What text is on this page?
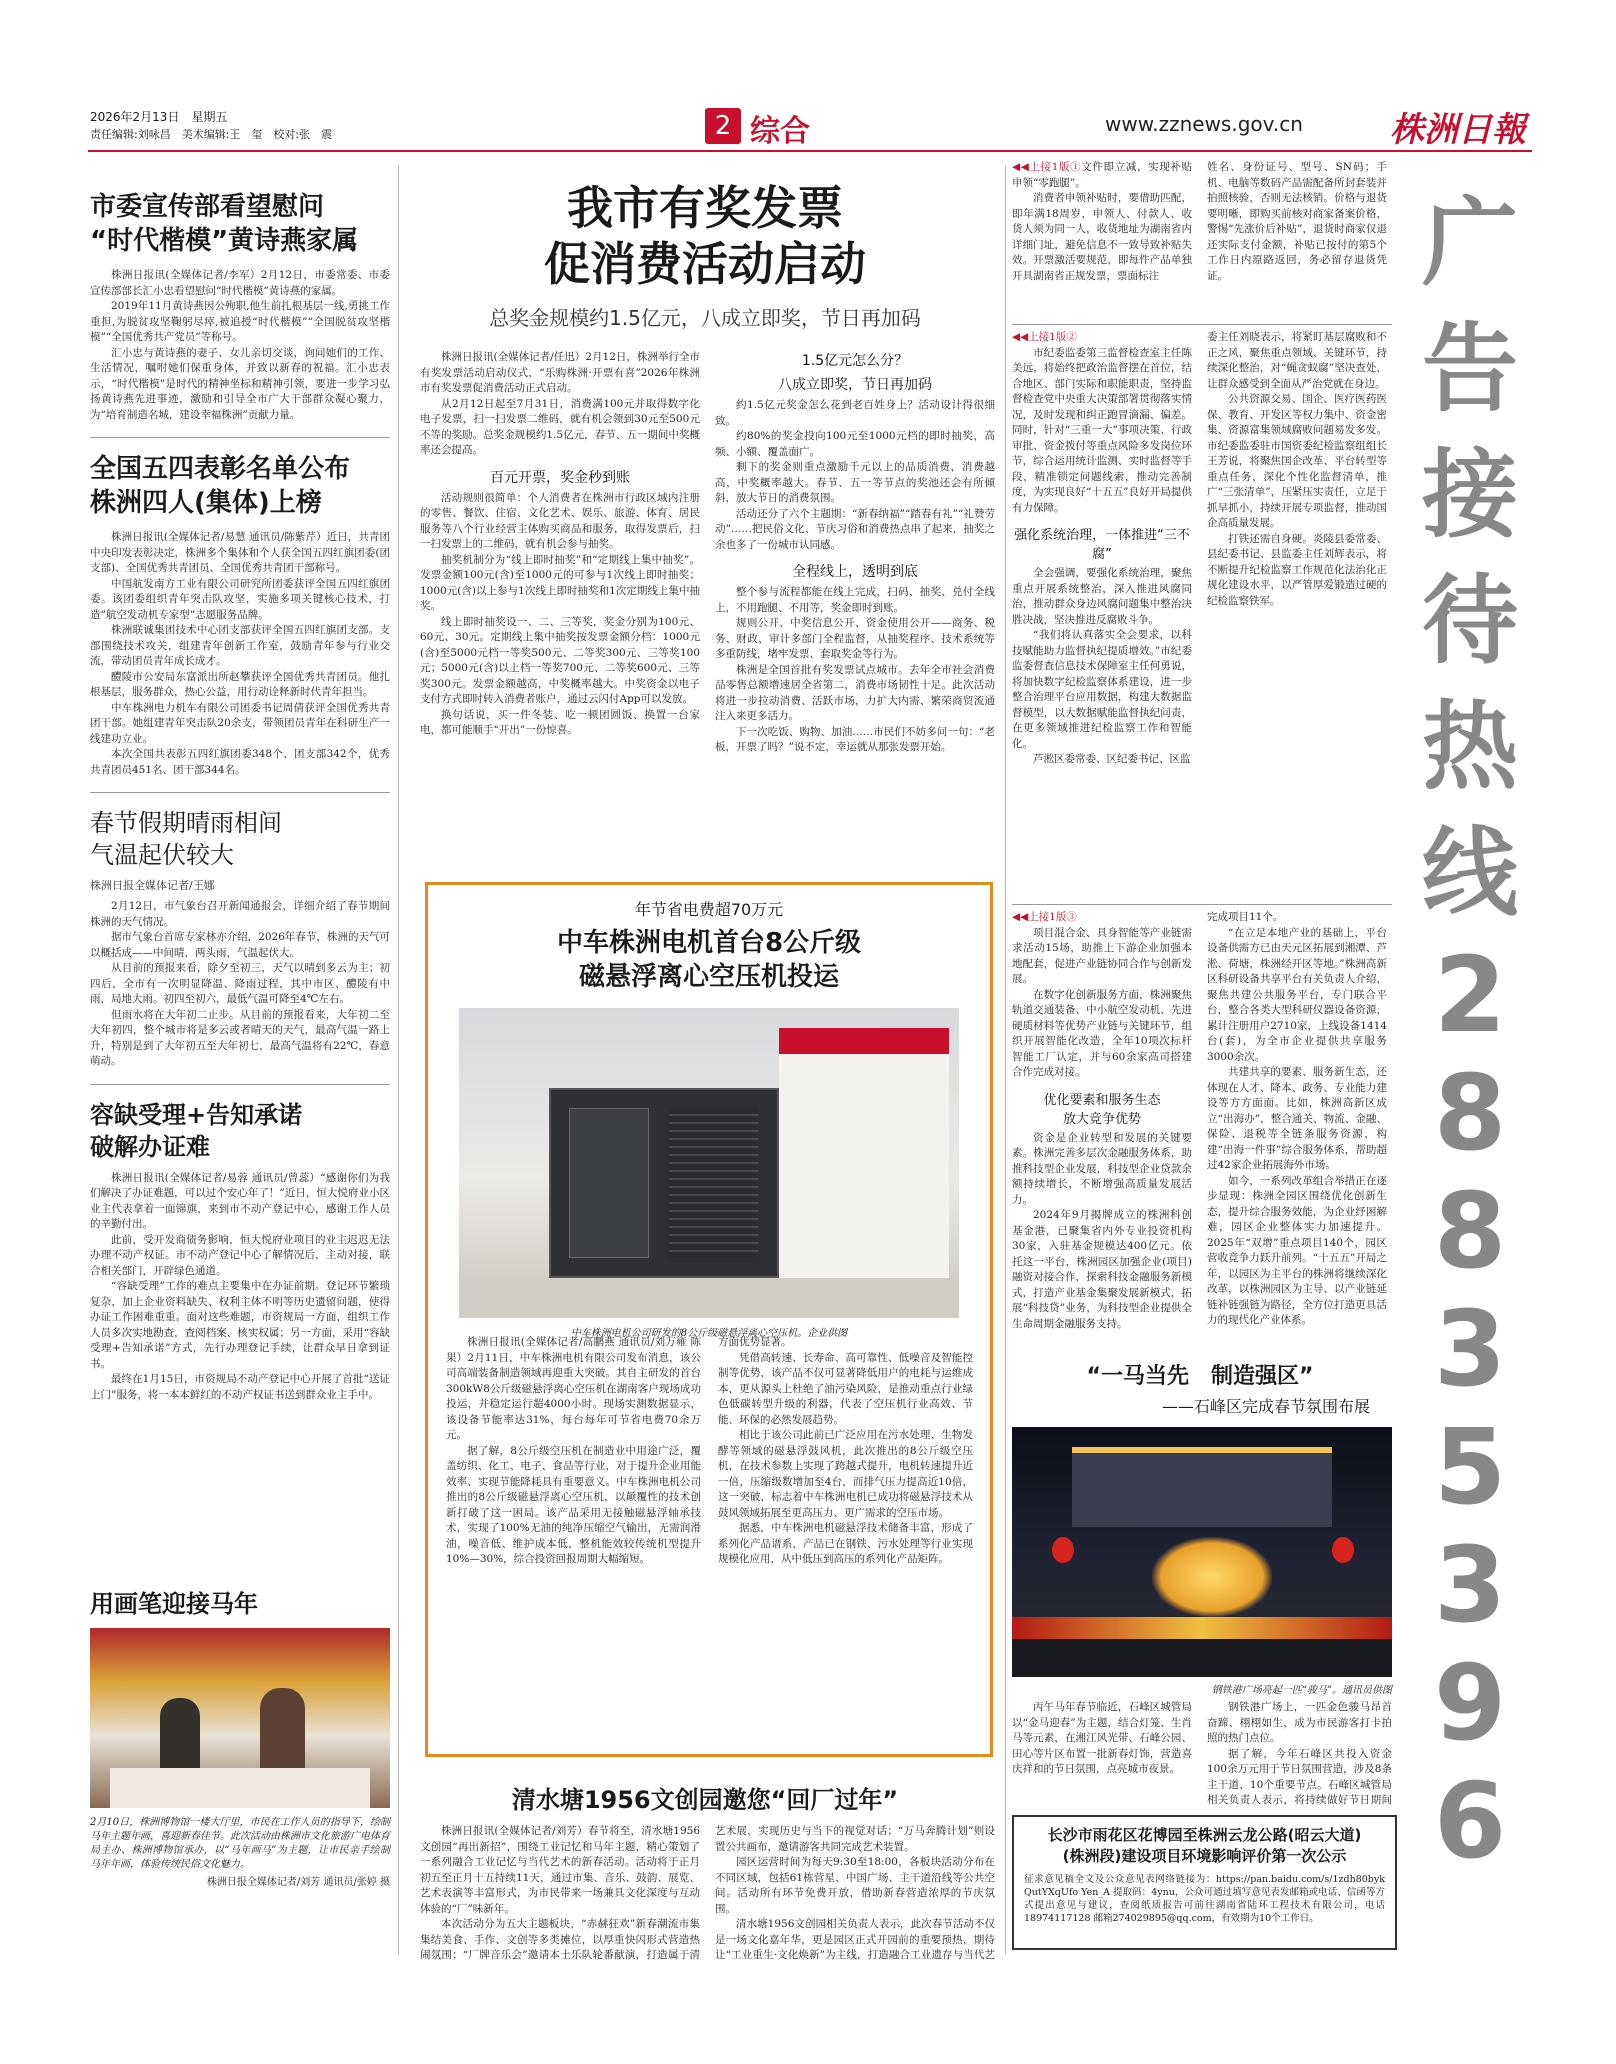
2026年2月13日　星期五
责任编辑:刘咏昌　美术编辑:王　玺　校对:张　震	2 综合	www.zznews.gov.cn	株洲日報
市委宣传部看望慰问
“时代楷模”黄诗燕家属

株洲日报讯(全媒体记者/李军）2月12日，市委常委、市委宣传部部长汇小忠看望慰问“时代楷模”黄诗燕的家属。

2019年11月黄诗燕因公殉职,他生前扎根基层一线,勇挑工作重担,为脱贫攻坚鞠躬尽瘁,被追授“时代楷模”“全国脱贫攻坚楷模”“全国优秀共产党员”等称号。

汇小忠与黄诗燕的妻子、女儿亲切交谈，询问她们的工作、生活情况，嘱咐她们保重身体，并致以新春的祝福。汇小忠表示，“时代楷模”是时代的精神坐标和精神引领，要进一步学习弘扬黄诗燕先进事迹，激励和引导全市广大干部群众凝心聚力，为“培育制造名城，建设幸福株洲”贡献力量。

全国五四表彰名单公布
株洲四人(集体)上榜

株洲日报讯(全媒体记者/易慧 通讯员/陈紫芹）近日，共青团中央印发表彰决定，株洲多个集体和个人获全国五四红旗团委(团支部)、全国优秀共青团员、全国优秀共青团干部称号。

中国航发南方工业有限公司研究所团委获评全国五四红旗团委。该团委组织青年突击队攻坚，实施多项关键核心技术，打造“航空发动机专家型”志愿服务品牌。

株洲联诚集团技术中心团支部获评全国五四红旗团支部。支部围绕技术攻关，组建青年创新工作室，鼓励青年参与行业交流，带动团员青年成长成才。

醴陵市公安局东富派出所赵攀获评全国优秀共青团员。他扎根基层，服务群众，热心公益，用行动诠释新时代青年担当。

中车株洲电力机车有限公司团委书记周倩获评全国优秀共青团干部。她组建青年突击队20余支，带领团员青年在科研生产一线建功立业。

本次全国共表彰五四红旗团委348个、团支部342个，优秀共青团员451名、团干部344名。

春节假期晴雨相间
气温起伏较大
株洲日报全媒体记者/王娜

2月12日，市气象台召开新闻通报会，详细介绍了春节期间株洲的天气情况。

据市气象台首席专家林亦介绍，2026年春节，株洲的天气可以概括成——中间晴，两头雨，气温起伏大。

从目前的预报来看，除夕至初三，天气以晴到多云为主；初四后，全市有一次明显降温、降雨过程，其中市区、醴陵有中雨，局地大雨。初四至初六，最低气温可降至4℃左右。

但雨水将在大年初二止步。从目前的预报看来，大年初二至大年初四，整个城市将是多云或者晴天的天气，最高气温一路上升，特别是到了大年初五至大年初七，最高气温将有22℃，春意萌动。

容缺受理+告知承诺
破解办证难

株洲日报讯(全媒体记者/易蓉 通讯员/曾蕊）“感谢你们为我们解决了办证难题，可以过个安心年了！”近日，恒大悦府业小区业主代表拿着一面锦旗，来到市不动产登记中心，感谢工作人员的辛勤付出。

此前，受开发商债务影响，恒大悦府业项目的业主迟迟无法办理不动产权证。市不动产登记中心了解情况后，主动对接，联合相关部门，开辟绿色通道。

“容缺受理”工作的难点主要集中在办证前期。登记环节繁琐复杂，加上企业资料缺失、权利主体不明等历史遗留问题，使得办证工作困难重重。面对这些难题，市资规局一方面，组织工作人员多次实地勘查，查阅档案、核实权属；另一方面，采用“容缺受理+告知承诺”方式，先行办理登记手续，让群众早日拿到证书。

最终在1月15日，市资规局不动产登记中心开展了首批“送证上门”服务，将一本本鲜红的不动产权证书送到群众业主手中。

用画笔迎接马年
2月10日，株洲博物馆一楼大厅里，市民在工作人员的指导下，绘制马年主题年画，喜迎新春佳节。此次活动由株洲市文化旅游广电体育局主办、株洲博物馆承办，以“马年画马”为主题，让市民亲手绘制马年年画，体验传统民俗文化魅力。
株洲日报全媒体记者/刘芳 通讯员/张婷 摄
我市有奖发票
促消费活动启动
总奖金规模约1.5亿元，八成立即奖，节日再加码

株洲日报讯(全媒体记者/任迅）2月12日，株洲举行全市有奖发票活动启动仪式，“乐购株洲·开票有喜”2026年株洲市有奖发票促消费活动正式启动。

从2月12日起至7月31日，消费满100元并取得数字化电子发票，扫一扫发票二维码，就有机会领到30元至500元不等的奖励。总奖金规模约1.5亿元，春节、五一期间中奖概率还会提高。

百元开票，奖金秒到账

活动规则很简单：个人消费者在株洲市行政区域内注册的零售、餐饮、住宿、文化艺术、娱乐、旅游、体育、居民服务等八个行业经营主体购买商品和服务，取得发票后，扫一扫发票上的二维码，就有机会参与抽奖。

抽奖机制分为“线上即时抽奖”和“定期线上集中抽奖”。发票金额100元(含)至1000元的可参与1次线上即时抽奖；1000元(含)以上参与1次线上即时抽奖和1次定期线上集中抽奖。

线上即时抽奖设一、二、三等奖，奖金分别为100元、60元、30元。定期线上集中抽奖按发票金额分档：1000元(含)至5000元档一等奖500元、二等奖300元、三等奖100元；5000元(含)以上档一等奖700元、二等奖600元、三等奖300元。发票金额越高，中奖概率越大。中奖资金以电子支付方式即时转入消费者账户，通过云闪付App可以发放。

换句话说，买一件冬装、吃一顿团圆饭、换置一台家电，都可能顺手“开出”一份惊喜。

1.5亿元怎么分？
八成立即奖，节日再加码

约1.5亿元奖金怎么花到老百姓身上？活动设计得很细致。

约80%的奖金投向100元至1000元档的即时抽奖，高频、小额、覆盖面广。

剩下的奖金则重点激励千元以上的品质消费，消费越高，中奖概率越大。春节、五一等节点的奖池还会有所倾斜，放大节日的消费氛围。

活动还分了六个主题期：“新春纳福”“踏春有礼”“礼赞劳动”……把民俗文化、节庆习俗和消费热点串了起来，抽奖之余也多了一份城市认同感。

全程线上，透明到底

整个参与流程都能在线上完成，扫码、抽奖、兑付全线上，不用跑腿、不用等，奖金即时到账。

规则公开、中奖信息公开、资金使用公开——商务、税务、财政、审计多部门全程监督，从抽奖程序、技术系统等多重防线，堵牢发票、套取奖金等行为。

株洲是全国首批有奖发票试点城市。去年全市社会消费品零售总额增速居全省第二，消费市场韧性十足。此次活动将进一步拉动消费、活跃市场，力扩大内需、繁荣商贸流通注入来更多活力。

下一次吃饭、购物、加油……市民们不妨多问一句：“老板，开票了吗？”说不定，幸运就从那张发票开始。

年节省电费超70万元
中车株洲电机首台8公斤级
磁悬浮离心空压机投运
中车株洲电机公司研发的8公斤级磁悬浮离心空压机。企业供图

株洲日报讯(全媒体记者/高鹏燕 通讯员/刘万雍 陈果）2月11日，中车株洲电机有限公司发布消息，该公司高端装备制造领域再迎重大突破。其自主研发的首台300kW8公斤级磁悬浮离心空压机在湖南客户现场成功投运，并稳定运行超4000小时。现场实测数据显示，该设备节能率达31%，每台每年可节省电费70余万元。

据了解，8公斤级空压机在制造业中用途广泛，覆盖纺织、化工、电子、食品等行业，对于提升企业用能效率、实现节能降耗具有重要意义。中车株洲电机公司推出的8公斤级磁悬浮离心空压机，以颠覆性的技术创新打破了这一困局。该产品采用无接触磁悬浮轴承技术，实现了100%无油的纯净压缩空气输出，无需润滑油，噪音低、维护成本低，整机能效较传统机型提升10%—30%，综合投资回报周期大幅缩短。

方面优势显著。

凭借高转速、长寿命、高可靠性、低噪音及智能控制等优势，该产品不仅可显著降低用户的电耗与运维成本，更从源头上杜绝了油污染风险，是推动重点行业绿色低碳转型升级的利器，代表了空压机行业高效、节能、环保的必然发展趋势。

相比于该公司此前已广泛应用在污水处理、生物发酵等领域的磁悬浮鼓风机，此次推出的8公斤级空压机，在技术参数上实现了跨越式提升，电机转速提升近一倍，压缩级数增加至4台，而排气压力提高近10倍，这一突破，标志着中车株洲电机已成功将磁悬浮技术从鼓风领域拓展至更高压力、更广需求的空压市场。

据悉，中车株洲电机磁悬浮技术储备丰富，形成了系列化产品谱系，产品已在钢铁、污水处理等行业实现规模化应用，从中低压到高压的系列化产品矩阵。

清水塘1956文创园邀您“回厂过年”

株洲日报讯(全媒体记者/刘芳）春节将至，清水塘1956文创园“再出新招”，围绕工业记忆和马年主题，精心策划了一系列融合工业记忆与当代艺术的新春活动。活动将于正月初五至正月十五持续11天，通过市集、音乐、鼓韵、展览、艺术表演等丰富形式，为市民带来一场兼具文化深度与互动体验的“厂”味新年。

本次活动分为五大主题板块，“赤赫狂欢”新春潮流市集集结美食、手作、文创等多类摊位，以厚重快闪形式营造热闹氛围；“厂牌音乐会”邀请本土乐队轮番献演，打造属于清

艺术展，实现历史与当下的视觉对话；“万马奔腾计划”则设置公共画布，邀请游客共同完成艺术装置。

园区运营时间为每天9:30至18:00，各板块活动分布在不同区域，包括61栋营星、中国广场、主干道沿线等公共空间。活动所有环节免费开放，借助新春营造浓厚的节庆氛围。

清水塘1956文创园相关负责人表示，此次春节活动不仅是一场文化嘉年华，更是园区正式开园前的重要预热，期待让“工业重生·文化焕新”为主线，打造融合工业遗存与当代艺

◀◀上接1版①文件即立减，实现补贴申领“零跑腿”。

消费者申领补贴时，要借助匹配，即年满18周岁，申领人、付款人、收货人须为同一人，收货地址为湖南省内详细门址，避免信息不一致导致补贴失效。开票激活要规范，即每件产品单独开具湖南省正规发票，票面标注

姓名、身份证号、型号、SN码；手机、电脑等数码产品需配备所封套装并拍照核验，否则无法核销。价格与退货要明晰，即购买前核对商家备案价格，警惕“先涨价后补贴”，退货时商家仅退还实际支付金额，补贴已按付的第5个工作日内原路返回，务必留存退货凭证。

◀◀上接1版②

市纪委监委第三监督检查室主任陈美远，将始终把政治监督摆在首位，结合地区、部门实际和职能职责，坚持监督检查党中央重大决策部署贯彻落实情况，及时发现和纠正跑冒滴漏、偏差。同时，针对“三重一大”事项决策、行政审批、资金拨付等重点风险多发岗位环节，综合运用统计监测、实时监督等手段，精准锁定问题线索，推动完善制度，为实现良好“十五五”良好开局提供有力保障。

强化系统治理，一体推进“三不腐”

全会强调，要强化系统治理，聚焦重点开展系统整治，深入推进风腐同治，推动群众身边风腐问题集中整治决胜决战，坚决推进反腐败斗争。

“我们将认真落实全会要求，以科技赋能助力监督执纪提质增效。”市纪委监委督查信息技术保障室主任何勇说，将加快数字纪检监察体系建设，进一步整合治理平台应用数据，构建大数据监督模型，以大数据赋能监督执纪问责，在更多领域推进纪检监察工作和智能化。

芦淞区委常委、区纪委书记、区监

委主任刘晓表示，将紧盯基层腐败和不正之风，聚焦重点领域、关键环节，持续深化整治，对“蝇贪蚁腐”坚决查处，让群众感受到全面从严治党就在身边。

公共资源交易、国企、医疗医药医保、教育、开发区等权力集中、资金密集、资源富集领域腐败问题易发多发。市纪委监委驻市国资委纪检监察组组长王芳说，将聚焦国企改革、平台转型等重点任务，深化个性化监督清单，推广“三张清单”，压紧压实责任，立足于抓早抓小，持续开展专项监督，推动国企高质量发展。

打铁还需自身硬。炎陵县委常委、县纪委书记、县监委主任刘辉表示，将不断提升纪检监察工作规范化法治化正规化建设水平，以严管厚爱锻造过硬的纪检监察铁军。

◀◀上接1版③

项目混合金、具身智能等产业链需求活动15场，助推上下游企业加强本地配套，促进产业链协同合作与创新发展。

在数字化创新服务方面，株洲聚焦轨道交通装备、中小航空发动机、先进硬质材料等优势产业链与关键环节，组织开展智能化改造，全年10项次标杆智能工厂认定，并与60余家高司搭建合作完成对接。

优化要素和服务生态
放大竞争优势

资金是企业转型和发展的关键要素。株洲完善多层次金融服务体系，助推科技型企业发展，科技型企业贷款余额持续增长，不断增强高质量发展活力。

2024年9月揭牌成立的株洲科创基金港，已聚集省内外专业投资机构30家，入驻基金规模达400亿元。依托这一平台，株洲园区加强企业(项目)融资对接合作，探索科技金融服务新模式，打造产业基金集聚发展新模式，拓展“科技贷”业务，为科技型企业提供全生命周期金融服务支持。

完成项目11个。

“在立足本地产业的基础上，平台设备供需方已由天元区拓展到湘潭、芦淞、荷塘，株洲经开区等地。”株洲高新区科研设备共享平台有关负责人介绍，聚焦共建公共服务平台，专门联合平台，整合各类大型科研仪器设备资源，累计注册用户2710家，上线设备1414台(套)，为全市企业提供共享服务3000余次。

共建共享的要素、服务新生态，还体现在人才、降本、政务、专业能力建设等方方面面。比如，株洲高新区成立“出海办”，整合通关、物流、金融、保险、退税等全链条服务资源，构建“出海一件事”综合服务体系，帮助超过42家企业拓展海外市场。

如今，一系列改革组合举措正在逐步显现：株洲全园区围绕优化创新生态，提升综合服务效能，为企业纾困解难，园区企业整体实力加速提升。2025年“双增”重点项目140个，园区营收竞争力跃升前列。“十五五”开局之年，以园区为主平台的株洲将继续深化改革，以株洲园区为主导、以产业链延链补链强链为路径，全方位打造更具活力的现代化产业体系。

“一马当先　制造强区”
——石峰区完成春节氛围布展
钢铁港广场亮起一匹“骏马”。通讯员供图

丙午马年春节临近，石峰区城管局以“金马迎春”为主题，结合灯笼、生肖马等元素，在湘江风光带、石峰公园、田心等片区布置一批新春灯饰，营造喜庆祥和的节日氛围，点亮城市夜景。

钢铁港广场上，一匹金色骏马昂首奋蹄、栩栩如生，成为市民游客打卡拍照的热门点位。

据了解，今年石峰区共投入资金100余万元用于节日氛围营造，涉及8条主干道、10个重要节点。石峰区城管局相关负责人表示，将持续做好节日期间

长沙市雨花区花博园至株洲云龙公路(昭云大道)
(株洲段)建设项目环境影响评价第一次公示
征求意见稿全文及公众意见表网络链接为：https://pan.baidu.com/s/1zdh80byk QutYXqUfo Yen_A 提取码：4ynu，公众可通过填写意见表发邮箱或电话、信函等方式提出意见与建议，查阅纸质报告可前往湖南省陆环工程技术有限公司，电话18974117128 邮箱274029895@qq.com，有效期为10个工作日。
广
告
接
待
热
线
2
8
8
3
5
3
9
6
